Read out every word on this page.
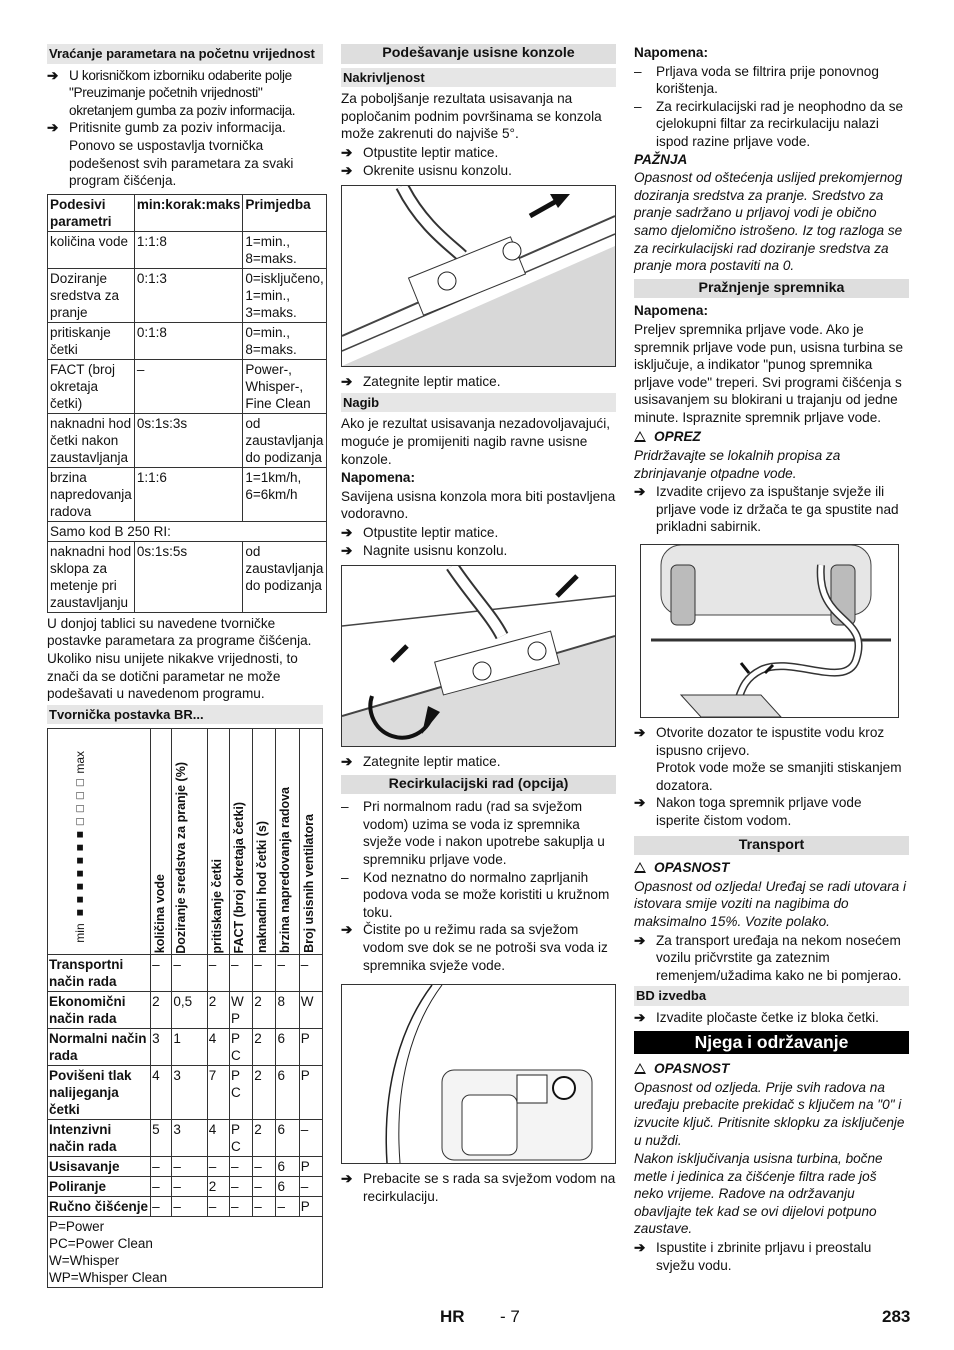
Vraćanje parametara na početnu vrijednost
➔ U korisničkom izborniku odaberite polje "Preuzimanje početnih vrijednosti" okretanjem gumba za poziv informacija.
➔ Pritisnite gumb za poziv informacija. Ponovo se uspostavlja tvornička podešenost svih parametara za svaki program čišćenja.
Podesivi parametri	min:korak:maks	Primjedba
količina vode	1:1:8	1=min., 8=maks.
Doziranje sredstva za pranje	0:1:3	0=isključeno, 1=min., 3=maks.
pritiskanje četki	0:1:8	0=min., 8=maks.
FACT (broj okretaja četki)	–	Power-, Whisper-, Fine Clean
naknadni hod četki nakon zaustavljanja	0s:1s:3s	od zaustavljanja do podizanja
brzina napredovanja radova	1:1:6	1=1km/h, 6=6km/h
Samo kod B 250 RI:		
naknadni hod sklopa za metenje pri zaustavljanju	0s:1s:5s	od zaustavljanja do podizanja

U donjoj tablici su navedene tvorničke postavke parametara za programe čišćenja. Ukoliko nisu unijete nikakve vrijednosti, to znači da se dotični parametar ne može podešavati u navedenom programu.

Tvornička postavka BR...
min ■■■■■■■□□□□ max	količina vode	Doziranje sredstva za pranje (%)	pritiskanje četki	FACT (broj okretaja četki)	naknadni hod četki (s)	brzina napredovanja radova	Broj usisnih ventilatora

Transportni način rada	–	–	–	–	–	–	–
Ekonomični način rada	2	0,5	2	W P	2	8	W
Normalni način rada	3	1	4	P C	2	6	P
Povišeni tlak nalijeganja četki	4	3	7	P C	2	6	P
Intenzivni način rada	5	3	4	P C	2	6	–
Usisavanje	–	–	–	–	–	6	P
Poliranje	–	–	2	–	–	6	–
Ručno čišćenje	–	–	–	–	–	–	P

P=Power
PC=Power Clean
W=Whisper
WP=Whisper Clean							
Podešavanje usisne konzole
Nakrivljenost

Za poboljšanje rezultata usisavanja na popločanim podnim površinama se konzola može zakrenuti do najviše 5°.

➔ Otpustite leptir matice.
➔ Okrenite usisnu konzolu.
➔ Zategnite leptir matice.
Nagib

Ako je rezultat usisavanja nezadovoljavajući, moguće je promijeniti nagib ravne usisne konzole.

Napomena:

Savijena usisna konzola mora biti postavljena vodoravno.

➔ Otpustite leptir matice.
➔ Nagnite usisnu konzolu.
➔ Zategnite leptir matice.
Recirkulacijski rad (opcija)
–	Pri normalnom radu (rad sa svježom vodom) uzima se voda iz spremnika svježe vode i nakon upotrebe sakuplja u spremniku prljave vode.
–	Kod neznatno do normalno zaprljanih podova voda se može koristiti u kružnom toku.
➔ Čistite po u režimu rada sa svježom vodom sve dok se ne potroši sva voda iz spremnika svježe vode.
➔ Prebacite se s rada sa svježom vodom na recirkulaciju.

Napomena:

–	Prljava voda se filtrira prije ponovnog korištenja.
–	Za recirkulacijski rad je neophodno da se cjelokupni filtar za recirkulaciju nalazi ispod razine prljave vode.

PAŽNJA

Opasnost od oštećenja uslijed prekomjernog doziranja sredstva za pranje. Sredstvo za pranje sadržano u prljavoj vodi je obično samo djelomično istrošeno. Iz tog razloga se za recirkulacijski rad doziranje sredstva za pranje mora postaviti na 0.

Pražnjenje spremnika

Napomena:

Preljev spremnika prljave vode. Ako je spremnik prljave vode pun, usisna turbina se isključuje, a indikator "punog spremnika prljave vode" treperi. Svi programi čišćenja s usisavanjem su blokirani u trajanju od jedne minute. Ispraznite spremnik prljave vode.

OPREZ

Pridržavajte se lokalnih propisa za zbrinjavanje otpadne vode.

➔ Izvadite crijevo za ispuštanje svježe ili prljave vode iz držača te ga spustite nad prikladni sabirnik.
➔ Otvorite dozator te ispustite vodu kroz ispusno crijevo.
Protok vode može se smanjiti stiskanjem dozatora.
➔ Nakon toga spremnik prljave vode isperite čistom vodom.
Transport

OPASNOST

Opasnost od ozljeda! Uređaj se radi utovara i istovara smije voziti na nagibima do maksimalno 15%. Vozite polako.

➔ Za transport uređaja na nekom nosećem vozilu pričvrstite ga zateznim remenjem/užadima kako ne bi pomjerao.
BD izvedba
➔ Izvadite pločaste četke iz bloka četki.
Njega i održavanje

OPASNOST

Opasnost od ozljeda. Prije svih radova na uređaju prebacite prekidač s ključem na "0" i izvucite ključ. Pritisnite sklopku za isključenje u nuždi.

Nakon isključivanja usisna turbina, bočne metle i jedinica za čišćenje filtra rade još neko vrijeme. Radove na održavanju obavljajte tek kad se ovi dijelovi potpuno zaustave.

➔ Ispustite i zbrinite prljavu i preostalu svježu vodu.
HR - 7	283
